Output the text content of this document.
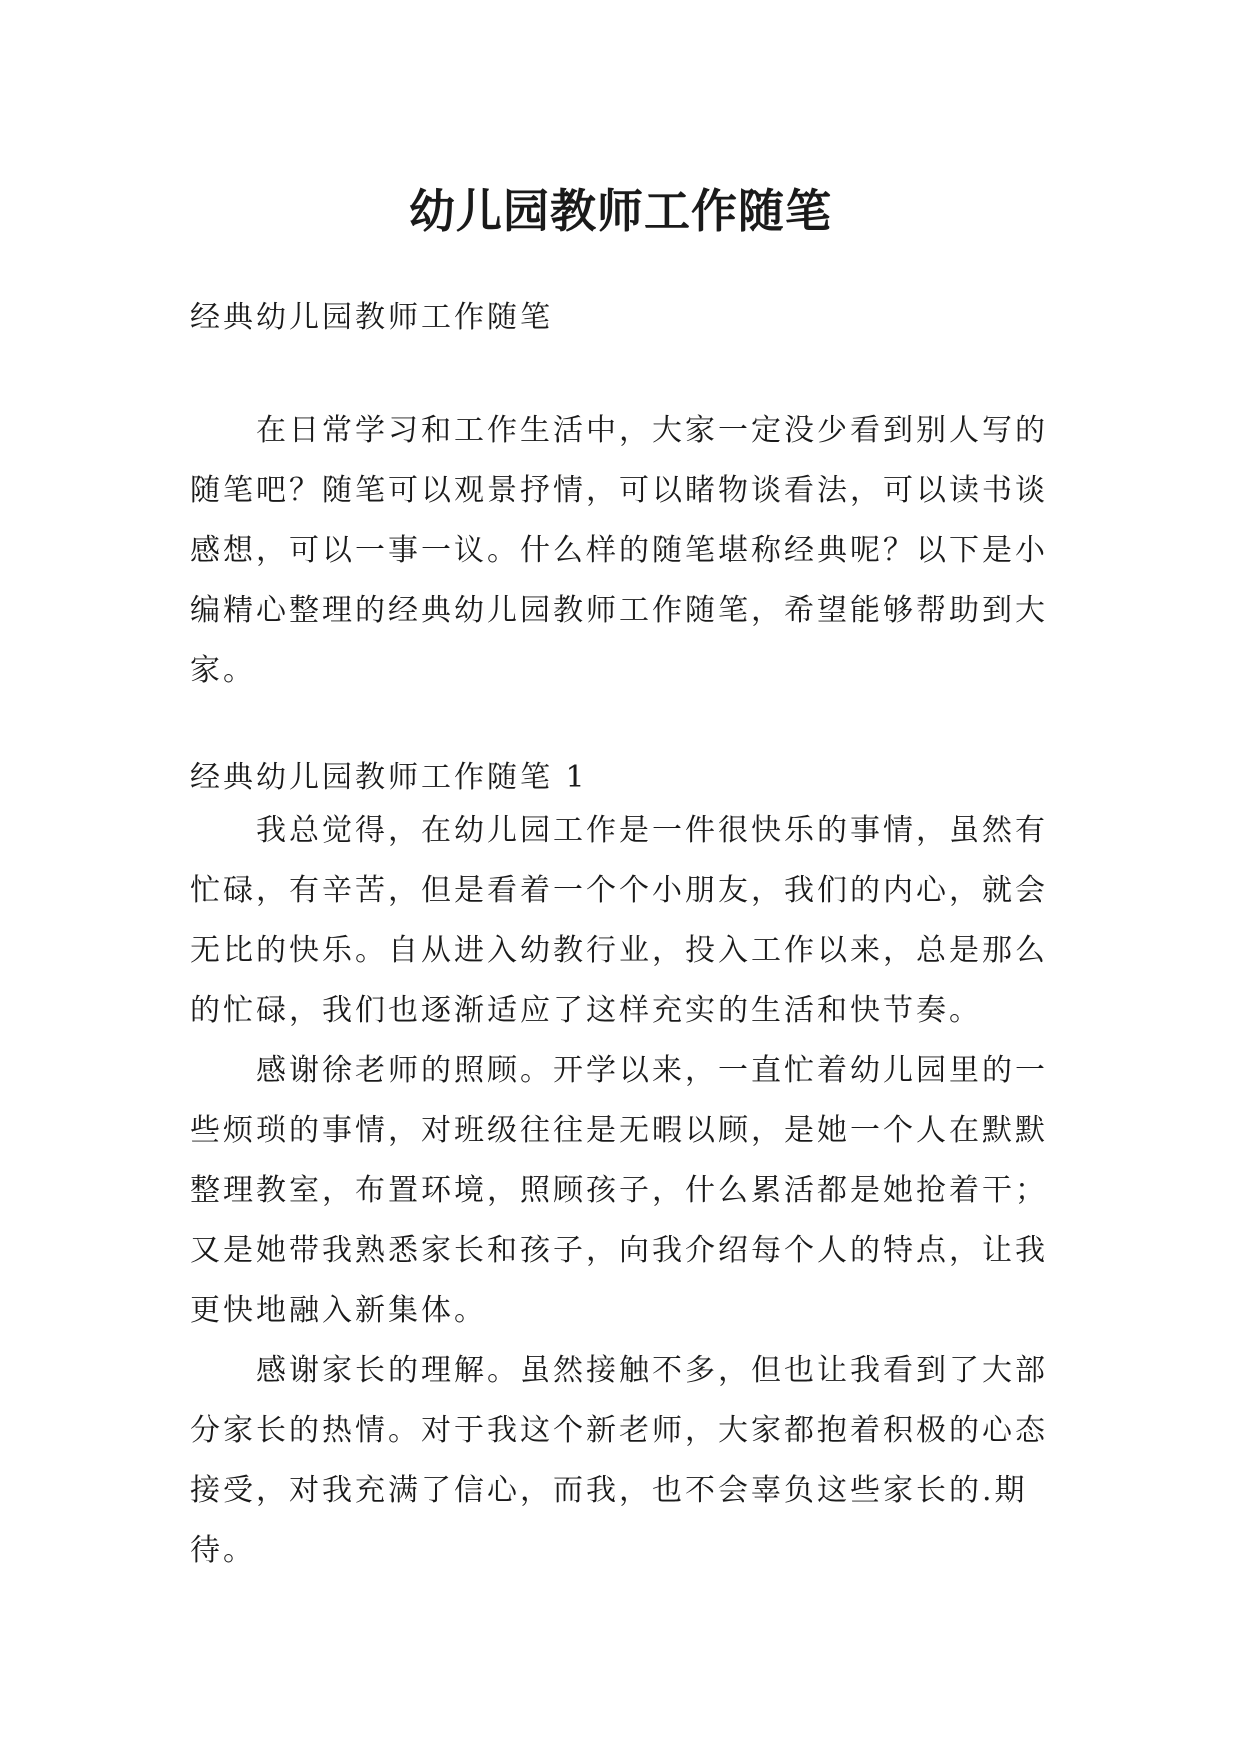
幼儿园教师工作随笔
经典幼儿园教师工作随笔

在日常学习和工作生活中，大家一定没少看到别人写的随笔吧？随笔可以观景抒情，可以睹物谈看法，可以读书谈感想，可以一事一议。什么样的随笔堪称经典呢？以下是小编精心整理的经典幼儿园教师工作随笔，希望能够帮助到大家。

经典幼儿园教师工作随笔 1

我总觉得，在幼儿园工作是一件很快乐的事情，虽然有忙碌，有辛苦，但是看着一个个小朋友，我们的内心，就会无比的快乐。自从进入幼教行业，投入工作以来，总是那么的忙碌，我们也逐渐适应了这样充实的生活和快节奏。

感谢徐老师的照顾。开学以来，一直忙着幼儿园里的一些烦琐的事情，对班级往往是无暇以顾，是她一个人在默默整理教室，布置环境，照顾孩子，什么累活都是她抢着干；又是她带我熟悉家长和孩子，向我介绍每个人的特点，让我更快地融入新集体。

感谢家长的理解。虽然接触不多，但也让我看到了大部分家长的热情。对于我这个新老师，大家都抱着积极的心态接受，对我充满了信心，而我，也不会辜负这些家长的.期待。
